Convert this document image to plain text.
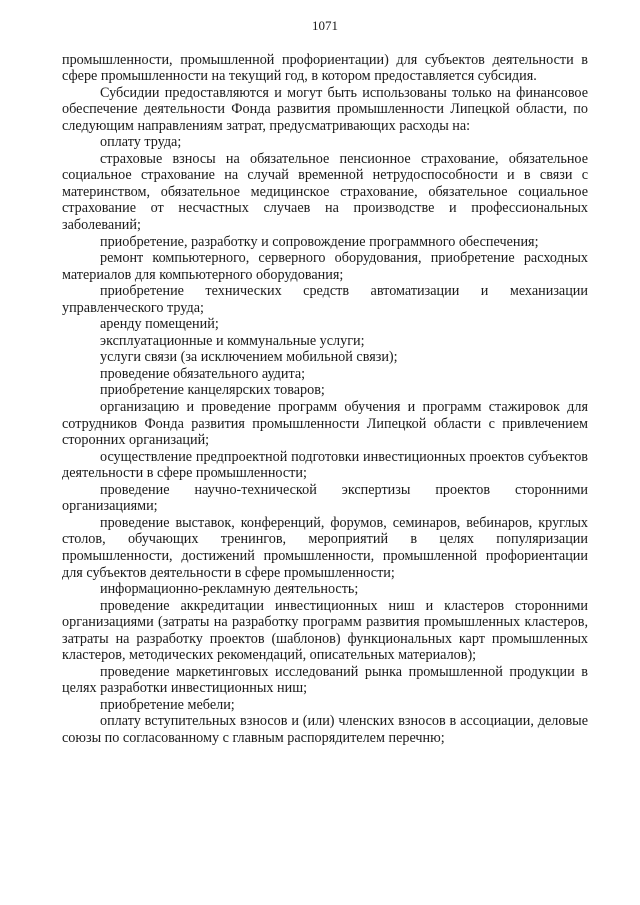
1071

промышленности, промышленной профориентации) для субъектов деятельности в сфере промышленности на текущий год, в котором предоставляется субсидия.

Субсидии предоставляются и могут быть использованы только на финансовое обеспечение деятельности Фонда развития промышленности Липецкой области, по следующим направлениям затрат, предусматривающих расходы на:

оплату труда;

страховые взносы на обязательное пенсионное страхование, обязательное социальное страхование на случай временной нетрудоспособности и в связи с материнством, обязательное медицинское страхование, обязательное социальное страхование от несчастных случаев на производстве и профессиональных заболеваний;

приобретение, разработку и сопровождение программного обеспечения;

ремонт компьютерного, серверного оборудования, приобретение расходных материалов для компьютерного оборудования;

приобретение технических средств автоматизации и механизации управленческого труда;

аренду помещений;

эксплуатационные и коммунальные услуги;

услуги связи (за исключением мобильной связи);

проведение обязательного аудита;

приобретение канцелярских товаров;

организацию и проведение программ обучения и программ стажировок для сотрудников Фонда развития промышленности Липецкой области с привлечением сторонних организаций;

осуществление предпроектной подготовки инвестиционных проектов субъектов деятельности в сфере промышленности;

проведение научно-технической экспертизы проектов сторонними организациями;

проведение выставок, конференций, форумов, семинаров, вебинаров, круглых столов, обучающих тренингов, мероприятий в целях популяризации промышленности, достижений промышленности, промышленной профориентации для субъектов деятельности в сфере промышленности;

информационно-рекламную деятельность;

проведение аккредитации инвестиционных ниш и кластеров сторонними организациями (затраты на разработку программ развития промышленных кластеров, затраты на разработку проектов (шаблонов) функциональных карт промышленных кластеров, методических рекомендаций, описательных материалов);

проведение маркетинговых исследований рынка промышленной продукции в целях разработки инвестиционных ниш;

приобретение мебели;

оплату вступительных взносов и (или) членских взносов в ассоциации, деловые союзы по согласованному с главным распорядителем перечню;
